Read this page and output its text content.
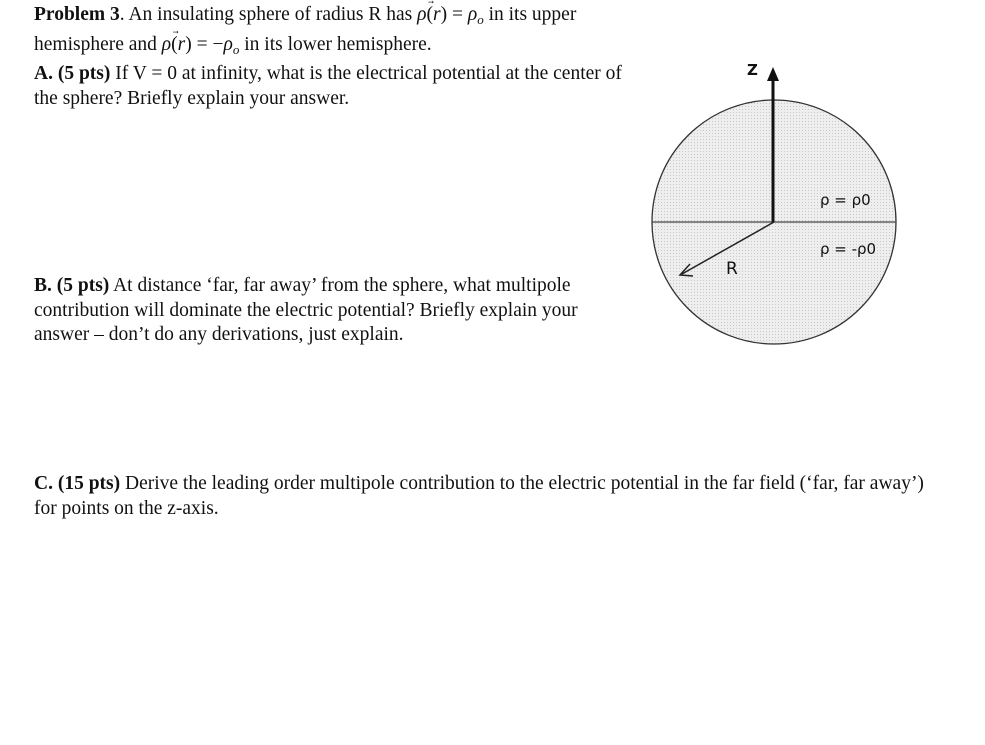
Problem 3. An insulating sphere of radius R has ρ(r
) = $\rho_o$ in its upper hemisphere and ρ(r
) = $-\rho_o$ in its lower hemisphere.
A. (5 pts) If V = 0 at infinity, what is the electrical potential at the center of the sphere? Briefly explain your answer.

B. (5 pts) At distance ‘far, far away’ from the sphere, what multipole contribution will dominate the electric potential? Briefly explain your answer – don’t do any derivations, just explain.

C. (15 pts) Derive the leading order multipole contribution to the electric potential in the far field (‘far, far away’) for points on the z-axis.

Z
R
ρ = ρ0
ρ = -ρ0
